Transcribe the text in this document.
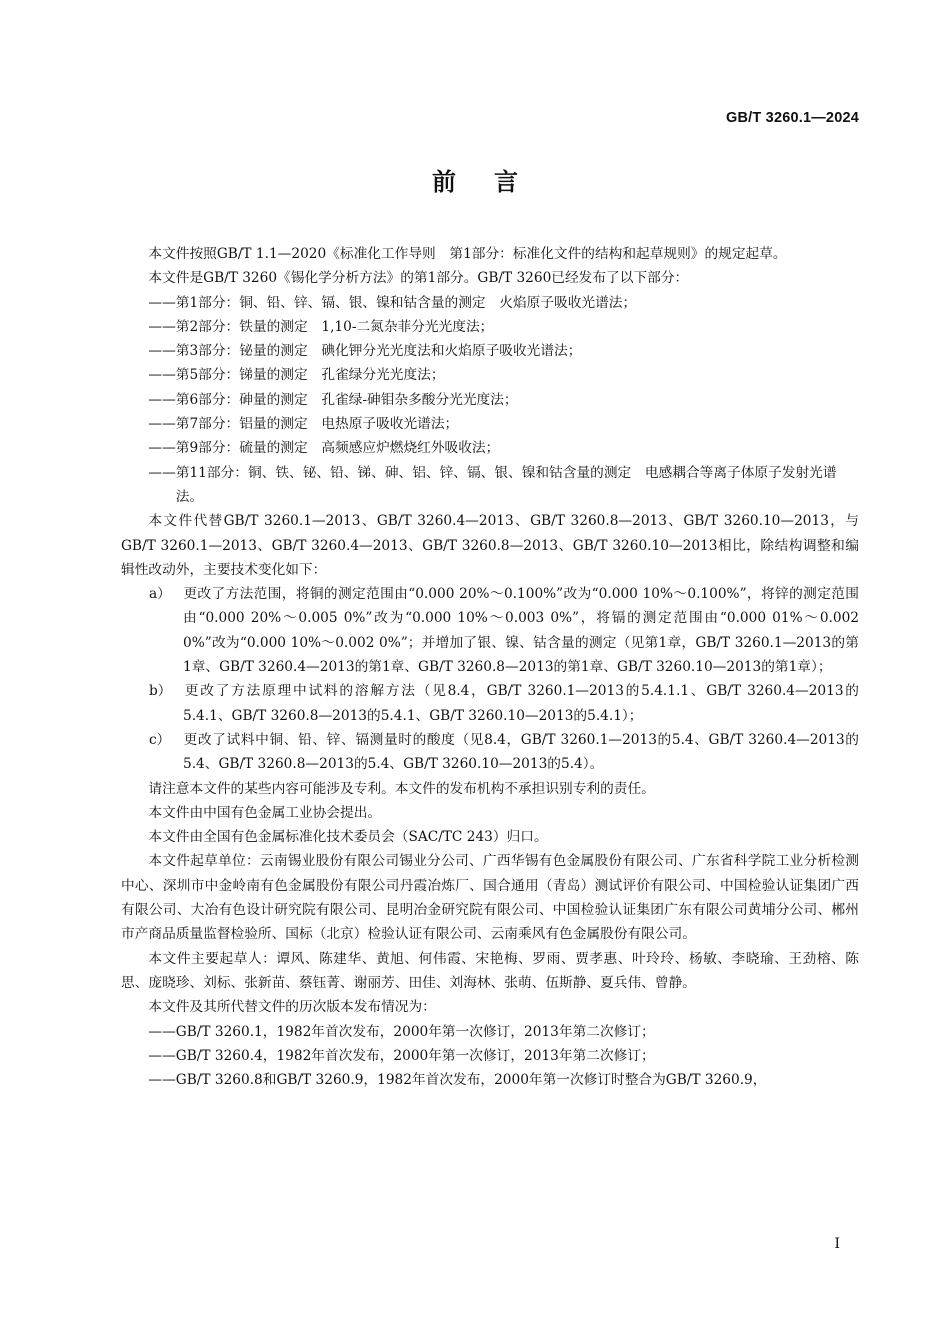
GB/T 3260.1—2024
前言
本文件按照GB/T 1.1—2020《标准化工作导则　第1部分：标准化文件的结构和起草规则》的规定起草。
本文件是GB/T 3260《锡化学分析方法》的第1部分。GB/T 3260已经发布了以下部分：
——第1部分：铜、铅、锌、镉、银、镍和钴含量的测定　火焰原子吸收光谱法；
——第2部分：铁量的测定　1,10-二氮杂菲分光光度法；
——第3部分：铋量的测定　碘化钾分光光度法和火焰原子吸收光谱法；
——第5部分：锑量的测定　孔雀绿分光光度法；
——第6部分：砷量的测定　孔雀绿-砷钼杂多酸分光光度法；
——第7部分：铝量的测定　电热原子吸收光谱法；
——第9部分：硫量的测定　高频感应炉燃烧红外吸收法；
——第11部分：铜、铁、铋、铅、锑、砷、铝、锌、镉、银、镍和钴含量的测定　电感耦合等离子体原子发射光谱法。
本文件代替GB/T 3260.1—2013、GB/T 3260.4—2013、GB/T 3260.8—2013、GB/T 3260.10—2013，与GB/T 3260.1—2013、GB/T 3260.4—2013、GB/T 3260.8—2013、GB/T 3260.10—2013相比，除结构调整和编辑性改动外，主要技术变化如下：
a） 更改了方法范围，将铜的测定范围由“0.000 20%～0.100%”改为“0.000 10%～0.100%”，将锌的测定范围由“0.000 20%～0.005 0%”改为“0.000 10%～0.003 0%”，将镉的测定范围由“0.000 01%～0.002 0%”改为“0.000 10%～0.002 0%”；并增加了银、镍、钴含量的测定（见第1章，GB/T 3260.1—2013的第1章、GB/T 3260.4—2013的第1章、GB/T 3260.8—2013的第1章、GB/T 3260.10—2013的第1章）；
b） 更改了方法原理中试料的溶解方法（见8.4，GB/T 3260.1—2013的5.4.1.1、GB/T 3260.4—2013的5.4.1、GB/T 3260.8—2013的5.4.1、GB/T 3260.10—2013的5.4.1）；
c） 更改了试料中铜、铅、锌、镉测量时的酸度（见8.4，GB/T 3260.1—2013的5.4、GB/T 3260.4—2013的5.4、GB/T 3260.8—2013的5.4、GB/T 3260.10—2013的5.4）。
请注意本文件的某些内容可能涉及专利。本文件的发布机构不承担识别专利的责任。
本文件由中国有色金属工业协会提出。
本文件由全国有色金属标准化技术委员会（SAC/TC 243）归口。
本文件起草单位：云南锡业股份有限公司锡业分公司、广西华锡有色金属股份有限公司、广东省科学院工业分析检测中心、深圳市中金岭南有色金属股份有限公司丹霞冶炼厂、国合通用（青岛）测试评价有限公司、中国检验认证集团广西有限公司、大冶有色设计研究院有限公司、昆明冶金研究院有限公司、中国检验认证集团广东有限公司黄埔分公司、郴州市产商品质量监督检验所、国标（北京）检验认证有限公司、云南乘风有色金属股份有限公司。
本文件主要起草人：谭风、陈建华、黄旭、何伟霞、宋艳梅、罗雨、贾孝惠、叶玲玲、杨敏、李晓瑜、王劲榕、陈思、庞晓珍、刘标、张新苗、蔡钰菁、谢丽芳、田佳、刘海林、张萌、伍斯静、夏兵伟、曾静。
本文件及其所代替文件的历次版本发布情况为：
——GB/T 3260.1，1982年首次发布，2000年第一次修订，2013年第二次修订；
——GB/T 3260.4，1982年首次发布，2000年第一次修订，2013年第二次修订；
——GB/T 3260.8和GB/T 3260.9，1982年首次发布，2000年第一次修订时整合为GB/T 3260.9，
I
